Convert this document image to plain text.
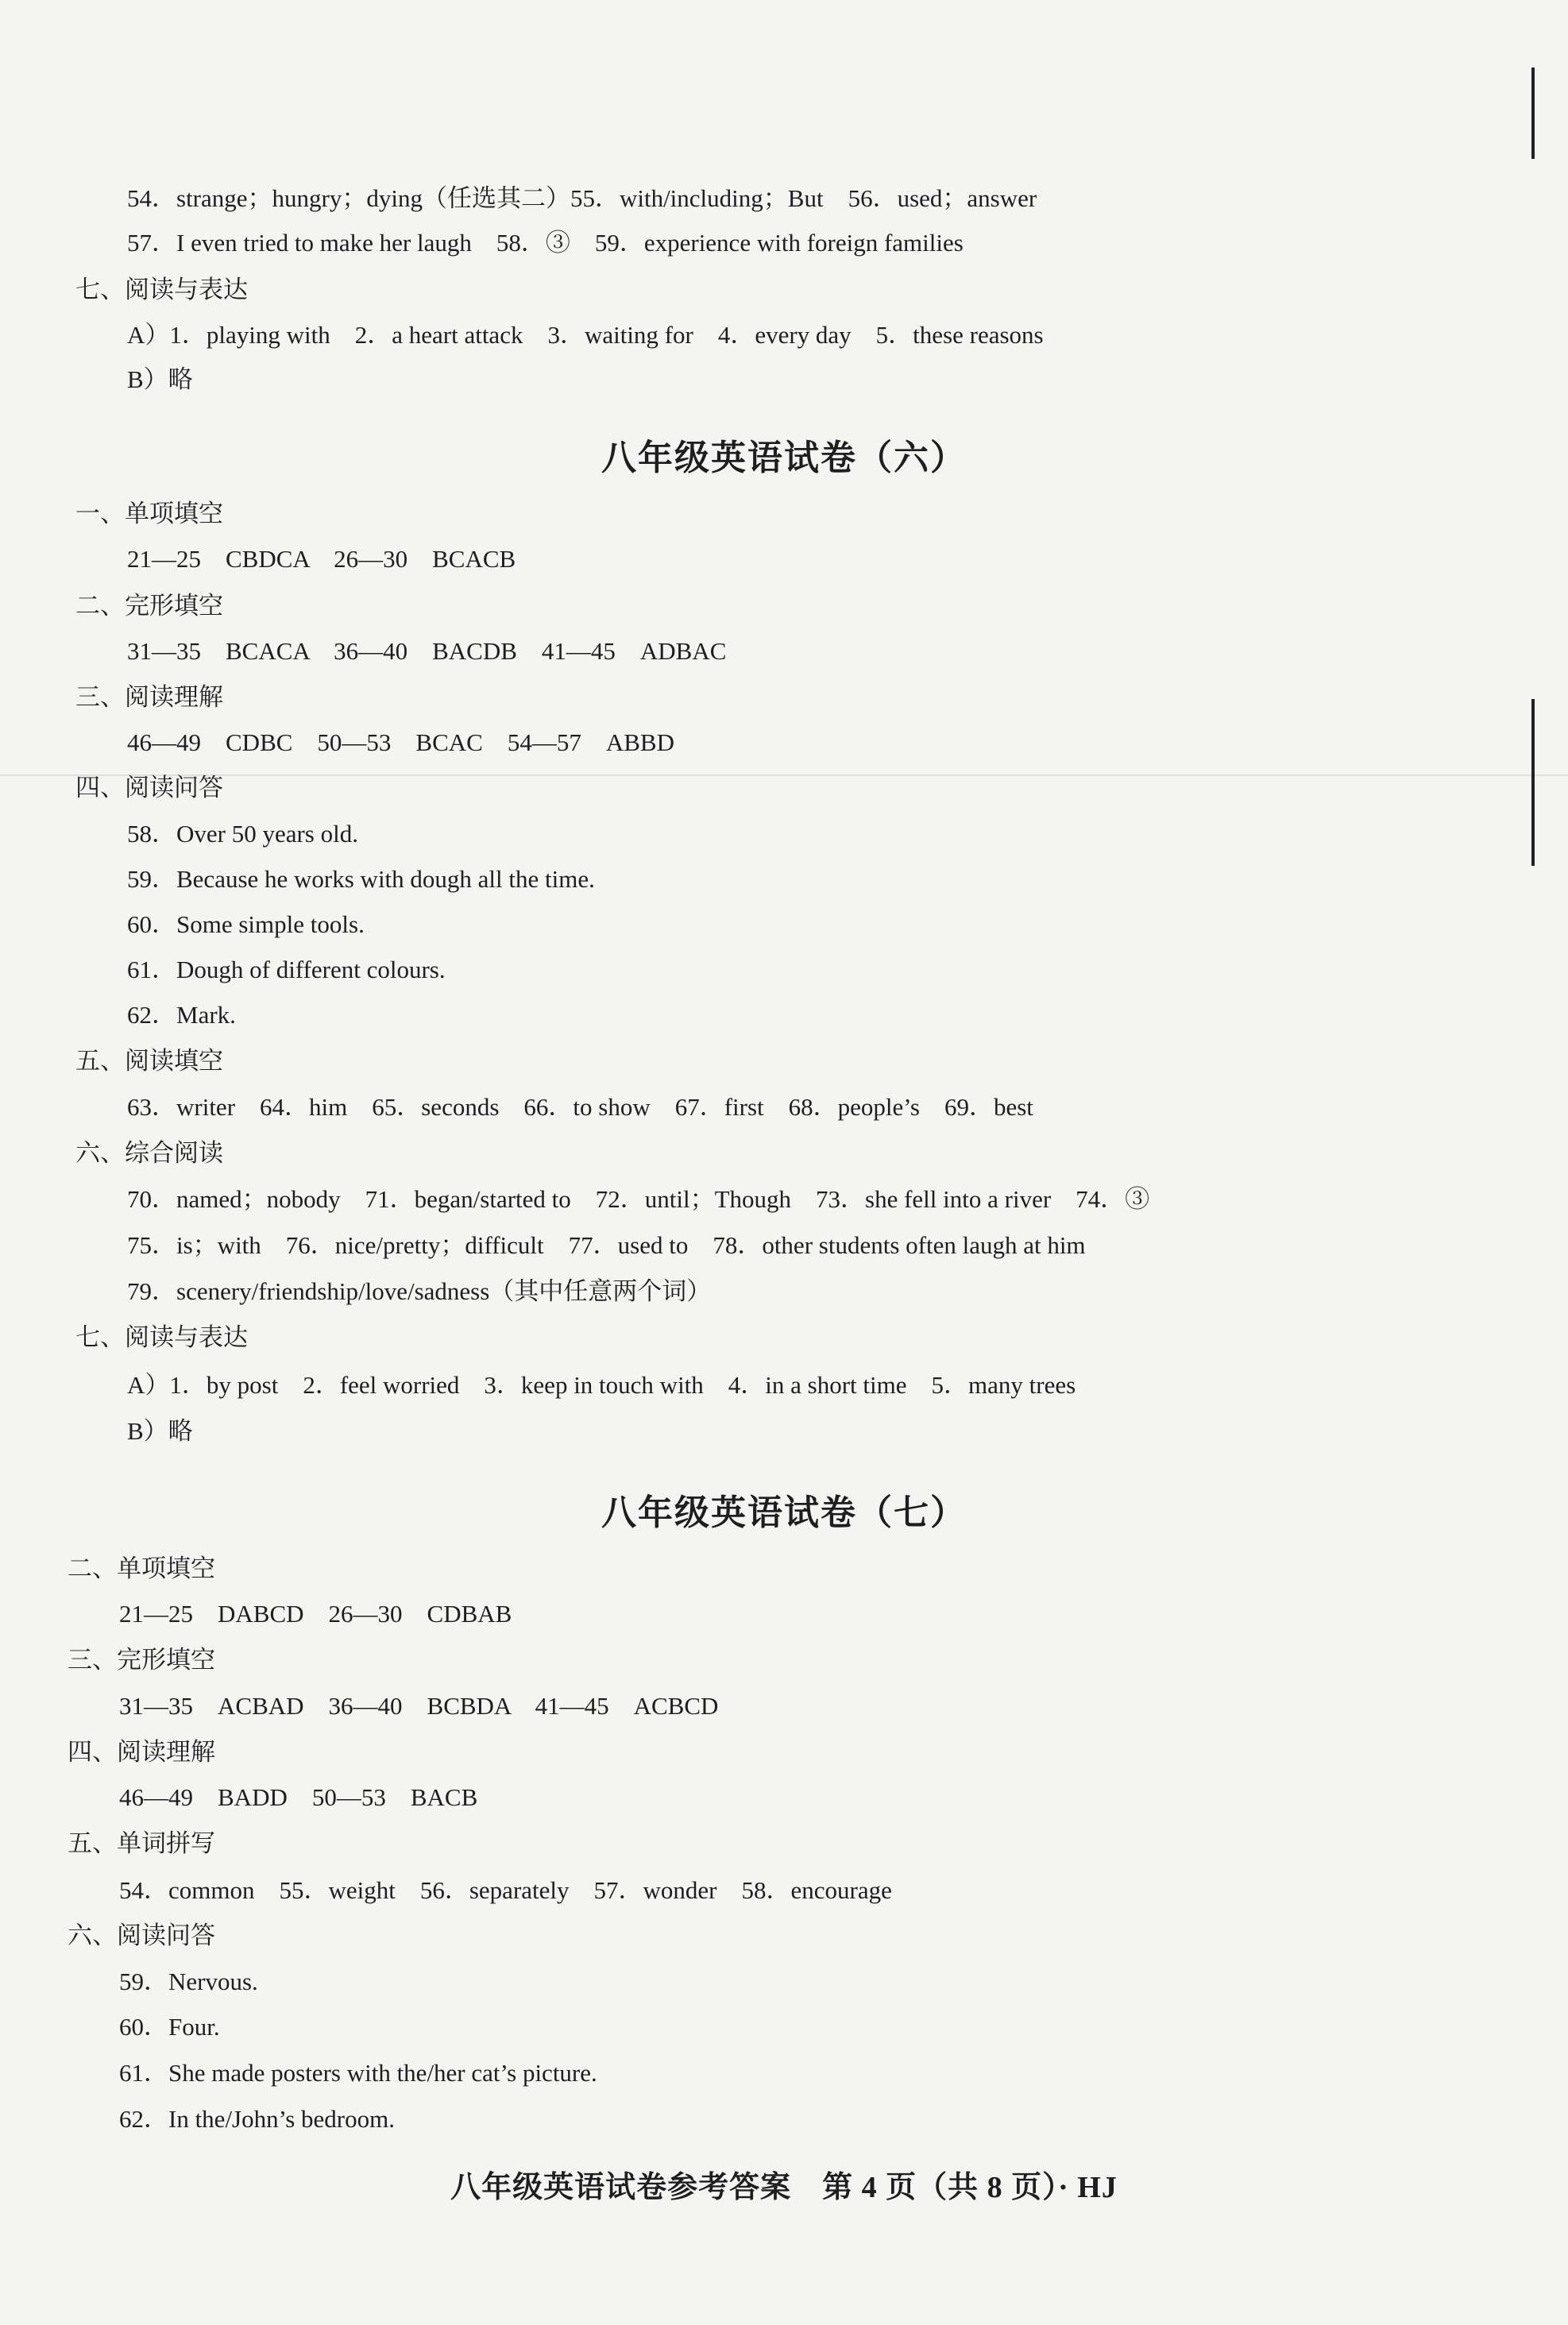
54．strange；hungry；dying（任选其二）55．with/including；But　56．used；answer
57．I even tried to make her laugh　58．③　59．experience with foreign families
七、阅读与表达
A）1．playing with　2．a heart attack　3．waiting for　4．every day　5．these reasons
B）略
八年级英语试卷（六）
一、单项填空
21—25　CBDCA　26—30　BCACB
二、完形填空
31—35　BCACA　36—40　BACDB　41—45　ADBAC
三、阅读理解
46—49　CDBC　50—53　BCAC　54—57　ABBD
四、阅读问答
58．Over 50 years old.
59．Because he works with dough all the time.
60．Some simple tools.
61．Dough of different colours.
62．Mark.
五、阅读填空
63．writer　64．him　65．seconds　66．to show　67．first　68．people’s　69．best
六、综合阅读
70．named；nobody　71．began/started to　72．until；Though　73．she fell into a river　74．③
75．is；with　76．nice/pretty；difficult　77．used to　78．other students often laugh at him
79．scenery/friendship/love/sadness（其中任意两个词）
七、阅读与表达
A）1．by post　2．feel worried　3．keep in touch with　4．in a short time　5．many trees
B）略
八年级英语试卷（七）
二、单项填空
21—25　DABCD　26—30　CDBAB
三、完形填空
31—35　ACBAD　36—40　BCBDA　41—45　ACBCD
四、阅读理解
46—49　BADD　50—53　BACB
五、单词拼写
54．common　55．weight　56．separately　57．wonder　58．encourage
六、阅读问答
59．Nervous.
60．Four.
61．She made posters with the/her cat’s picture.
62．In the/John’s bedroom.
八年级英语试卷参考答案　第 4 页（共 8 页）· HJ
